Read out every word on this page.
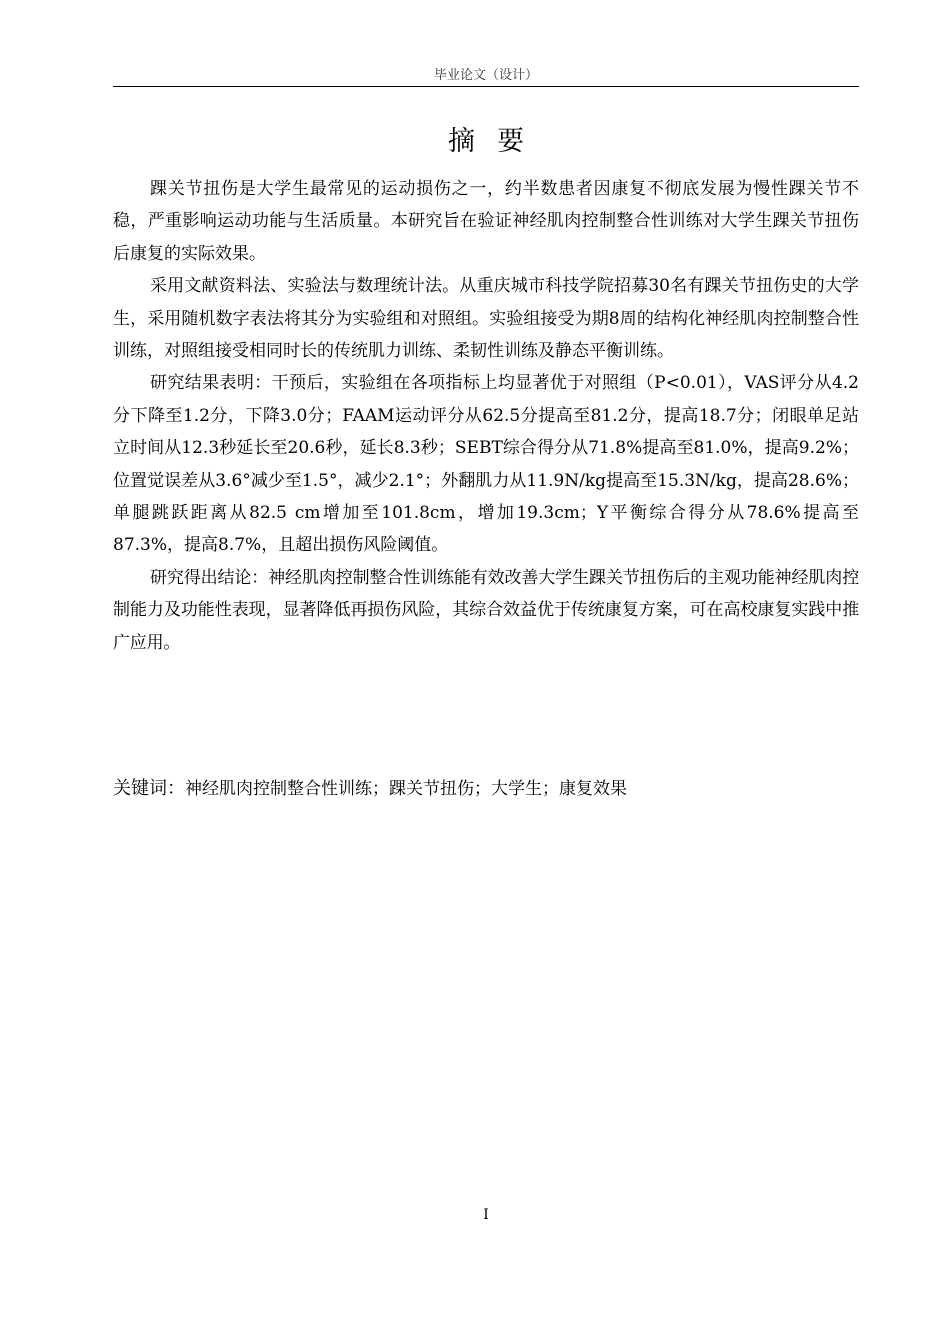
毕业论文（设计）
摘要

踝关节扭伤是大学生最常见的运动损伤之一，约半数患者因康复不彻底发展为慢性踝关节不稳，严重影响运动功能与生活质量。本研究旨在验证神经肌肉控制整合性训练对大学生踝关节扭伤后康复的实际效果。

采用文献资料法、实验法与数理统计法。从重庆城市科技学院招募30名有踝关节扭伤史的大学生，采用随机数字表法将其分为实验组和对照组。实验组接受为期8周的结构化神经肌肉控制整合性训练，对照组接受相同时长的传统肌力训练、柔韧性训练及静态平衡训练。

研究结果表明：干预后，实验组在各项指标上均显著优于对照组（P<0.01），VAS评分从4.2分下降至1.2分，下降3.0分；FAAM运动评分从62.5分提高至81.2分，提高18.7分；闭眼单足站立时间从12.3秒延长至20.6秒，延长8.3秒；SEBT综合得分从71.8%提高至81.0%，提高9.2%；位置觉误差从3.6°减少至1.5°，减少2.1°；外翻肌力从11.9N/kg提高至15.3N/kg，提高28.6%；单腿跳跃距离从82.5 cm增加至101.8cm，增加19.3cm；Y平衡综合得分从78.6%提高至87.3%，提高8.7%，且超出损伤风险阈值。

研究得出结论：神经肌肉控制整合性训练能有效改善大学生踝关节扭伤后的主观功能神经肌肉控制能力及功能性表现，显著降低再损伤风险，其综合效益优于传统康复方案，可在高校康复实践中推广应用。

关键词：神经肌肉控制整合性训练；踝关节扭伤；大学生；康复效果
I
